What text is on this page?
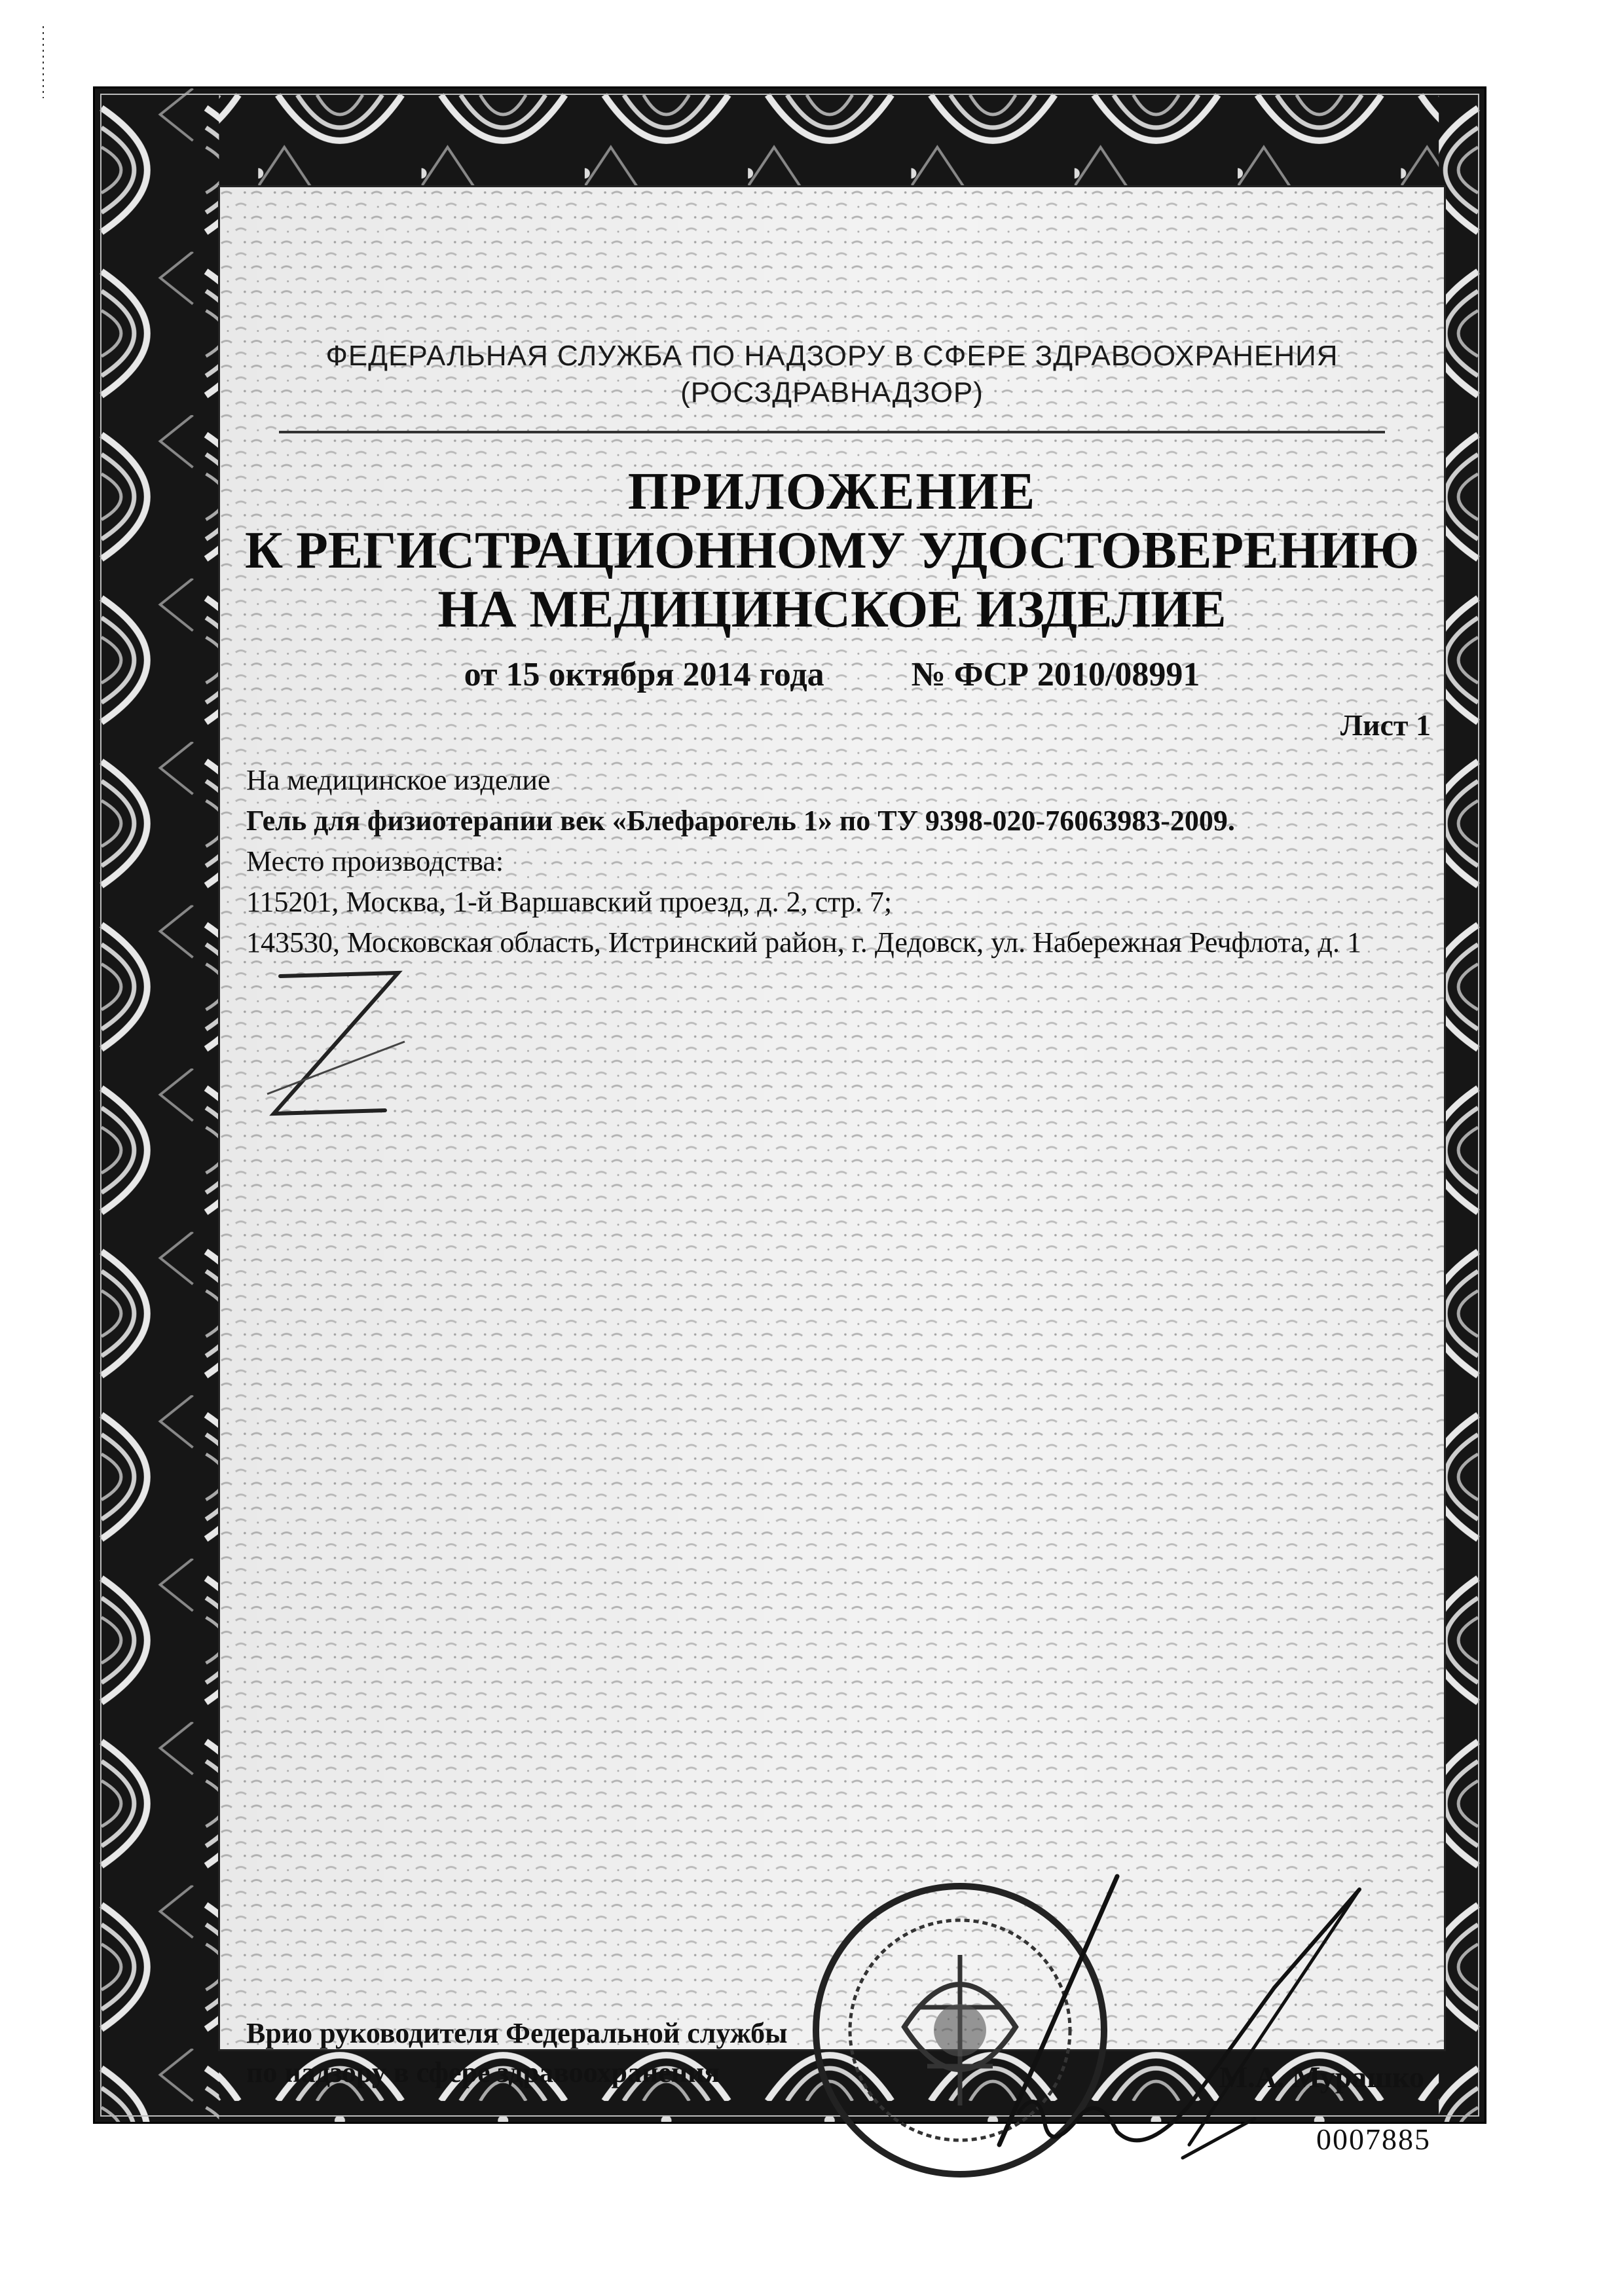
ФЕДЕРАЛЬНАЯ СЛУЖБА ПО НАДЗОРУ В СФЕРЕ ЗДРАВООХРАНЕНИЯ
(РОСЗДРАВНАДЗОР)
ПРИЛОЖЕНИЕ
К РЕГИСТРАЦИОННОМУ УДОСТОВЕРЕНИЮ
НА МЕДИЦИНСКОЕ ИЗДЕЛИЕ
от 15 октября 2014 года	№ ФСР 2010/08991
Лист 1
На медицинское изделие
Гель для физиотерапии век «Блефарогель 1» по ТУ 9398-020-76063983-2009.
Место производства:
115201, Москва, 1-й Варшавский проезд, д. 2, стр. 7;
143530, Московская область, Истринский район, г. Дедовск, ул. Набережная Речфлота, д. 1
Врио руководителя Федеральной службы
по надзору в сфере здравоохранения	М.А. Мурашко
0007885
